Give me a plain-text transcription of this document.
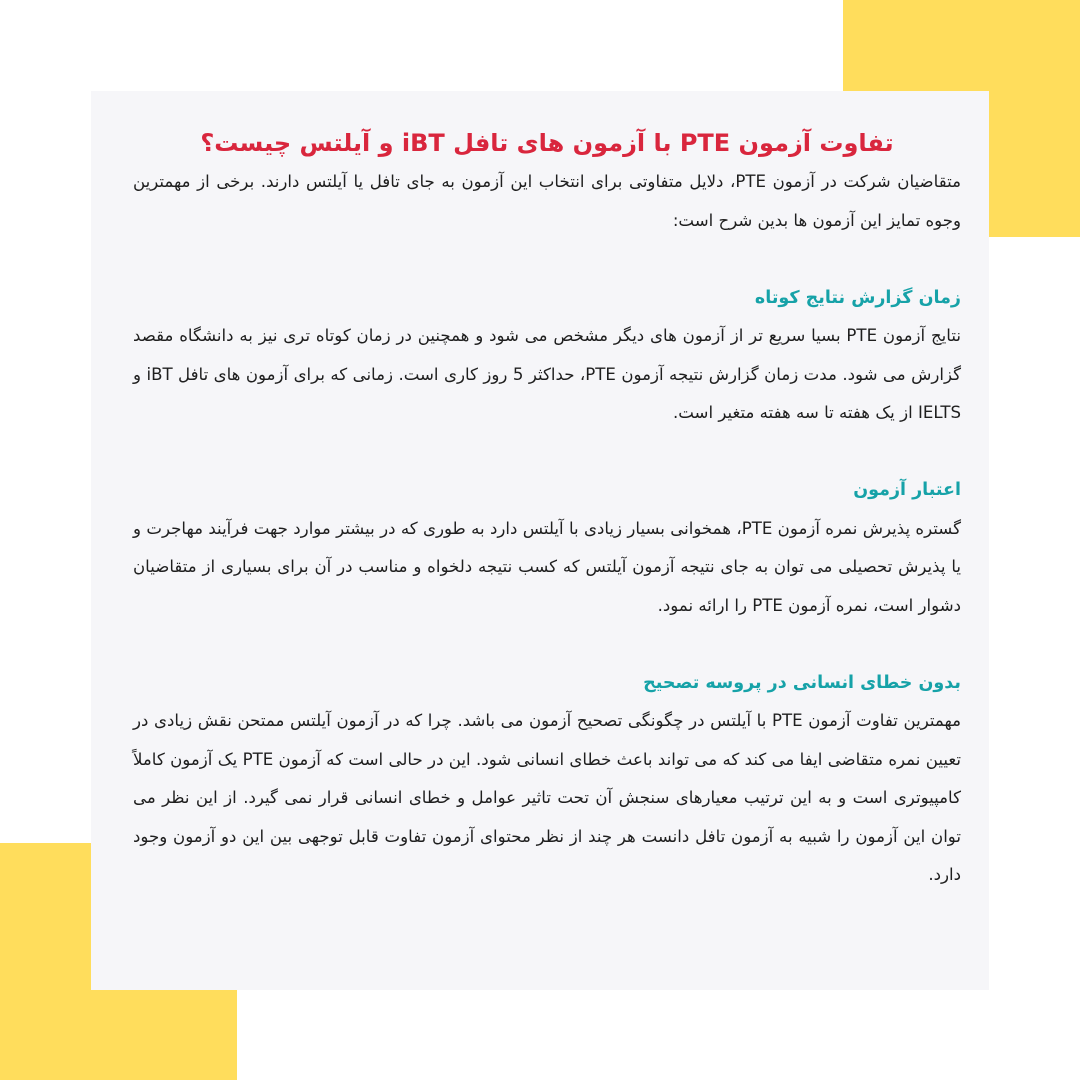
تفاوت آزمون PTE با آزمون های تافل iBT و آیلتس چیست؟

متقاضیان شرکت در آزمون PTE، دلایل متفاوتی برای انتخاب این آزمون به جای تافل یا آیلتس دارند. برخی از مهمترین وجوه تمایز این آزمون ها بدین شرح است:

زمان گزارش نتایج کوتاه

نتایج آزمون PTE بسیا سریع تر از آزمون های دیگر مشخص می شود و همچنین در زمان کوتاه تری نیز به دانشگاه مقصد گزارش می شود. مدت زمان گزارش نتیجه آزمون PTE، حداکثر 5 روز کاری است. زمانی که برای آزمون های تافل iBT و IELTS از یک هفته تا سه هفته متغیر است.

اعتبار آزمون

گستره پذیرش نمره آزمون PTE، همخوانی بسیار زیادی با آیلتس دارد به طوری که در بیشتر موارد جهت فرآیند مهاجرت و یا پذیرش تحصیلی می توان به جای نتیجه آزمون آیلتس که کسب نتیجه دلخواه و مناسب در آن برای بسیاری از متقاضیان دشوار است، نمره آزمون PTE را ارائه نمود.

بدون خطای انسانی در پروسه تصحیح

مهمترین تفاوت آزمون PTE با آیلتس در چگونگی تصحیح آزمون می باشد. چرا که در آزمون آیلتس ممتحن نقش زیادی در تعیین نمره متقاضی ایفا می کند که می تواند باعث خطای انسانی شود. این در حالی است که آزمون PTE یک آزمون کاملاً کامپیوتری است و به این ترتیب معیارهای سنجش آن تحت تاثیر عوامل و خطای انسانی قرار نمی گیرد. از این نظر می توان این آزمون را شبیه به آزمون تافل دانست هر چند از نظر محتوای آزمون تفاوت قابل توجهی بین این دو آزمون وجود دارد.
